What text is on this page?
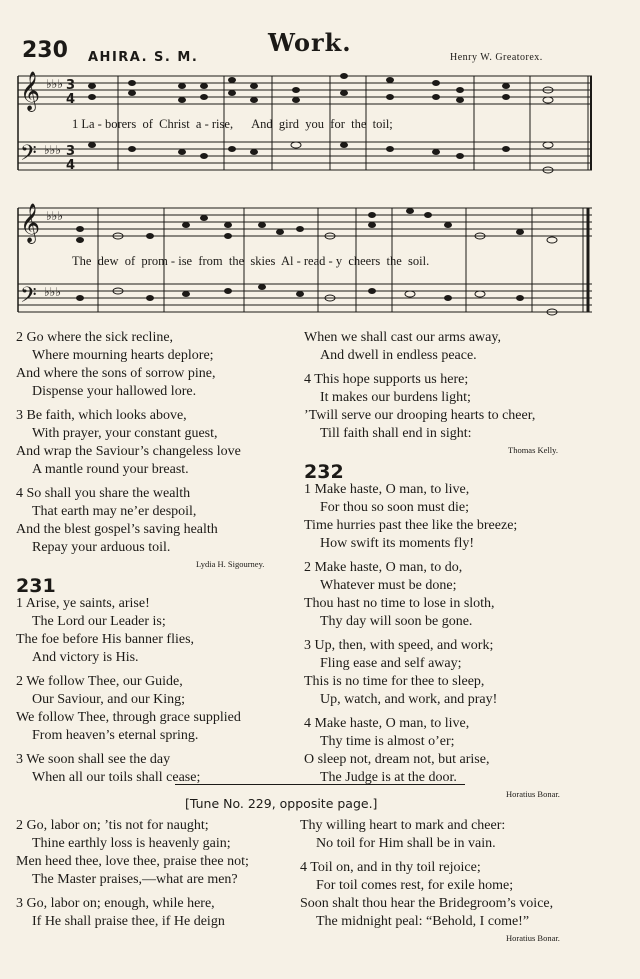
230	Work.
AHIRA. S. M.	Henry W. Greatorex.
𝄞
𝄢
𝄞
𝄢
♭♭♭
♭♭♭
♭♭♭
♭♭♭
3
4
3
4
1 La - borers  of  Christ  a - rise,      And  gird  you  for  the  toil;
The  dew  of  prom - ise  from  the  skies  Al - read - y  cheers  the  soil.
2 Go where the sick recline,
Where mourning hearts deplore;
And where the sons of sorrow pine,
Dispense your hallowed lore.
3 Be faith, which looks above,
With prayer, your constant guest,
And wrap the Saviour’s changeless love
A mantle round your breast.
4 So shall you share the wealth
That earth may ne’er despoil,
And the blest gospel’s saving health
Repay your arduous toil.
Lydia H. Sigourney.
231
1 Arise, ye saints, arise!
The Lord our Leader is;
The foe before His banner flies,
And victory is His.
2 We follow Thee, our Guide,
Our Saviour, and our King;
We follow Thee, through grace supplied
From heaven’s eternal spring.
3 We soon shall see the day
When all our toils shall cease;
When we shall cast our arms away,
And dwell in endless peace.
4 This hope supports us here;
It makes our burdens light;
’Twill serve our drooping hearts to cheer,
Till faith shall end in sight:
Thomas Kelly.
232
1 Make haste, O man, to live,
For thou so soon must die;
Time hurries past thee like the breeze;
How swift its moments fly!
2 Make haste, O man, to do,
Whatever must be done;
Thou hast no time to lose in sloth,
Thy day will soon be gone.
3 Up, then, with speed, and work;
Fling ease and self away;
This is no time for thee to sleep,
Up, watch, and work, and pray!
4 Make haste, O man, to live,
Thy time is almost o’er;
O sleep not, dream not, but arise,
The Judge is at the door.
Horatius Bonar.
[Tune No. 229, opposite page.]
2 Go, labor on; ’tis not for naught;
Thine earthly loss is heavenly gain;
Men heed thee, love thee, praise thee not;
The Master praises,—what are men?
3 Go, labor on; enough, while here,
If He shall praise thee, if He deign
Thy willing heart to mark and cheer:
No toil for Him shall be in vain.
4 Toil on, and in thy toil rejoice;
For toil comes rest, for exile home;
Soon shalt thou hear the Bridegroom’s voice,
The midnight peal: “Behold, I come!”
Horatius Bonar.
